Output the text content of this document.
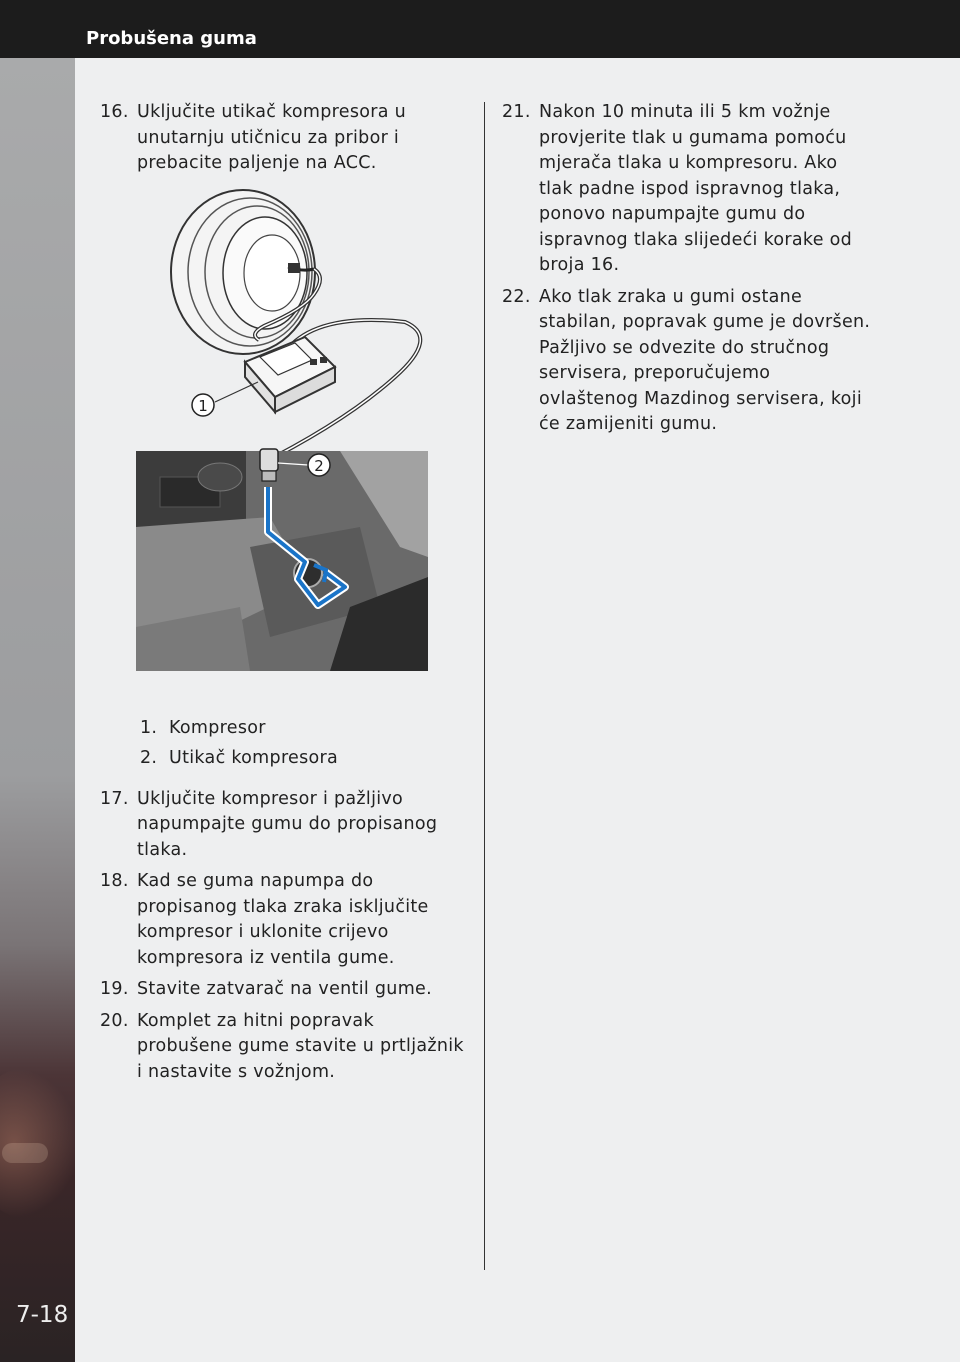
Probušena guma
7-18
16. Uključite utikač kompresora u unutarnju utičnicu za pribor i prebacite paljenje na ACC.
1
2
1. Kompresor
2. Utikač kompresora
17. Uključite kompresor i pažljivo napumpajte gumu do propisanog tlaka.
18. Kad se guma napumpa do propisanog tlaka zraka isključite kompresor i uklonite crijevo kompresora iz ventila gume.
19. Stavite zatvarač na ventil gume.
20. Komplet za hitni popravak probušene gume stavite u prtljažnik i nastavite s vožnjom.
21. Nakon 10 minuta ili 5 km vožnje provjerite tlak u gumama pomoću mjerača tlaka u kompresoru. Ako tlak padne ispod ispravnog tlaka, ponovo napumpajte gumu do ispravnog tlaka slijedeći korake od broja 16.
22. Ako tlak zraka u gumi ostane stabilan, popravak gume je dovršen. Pažljivo se odvezite do stručnog servisera, preporučujemo ovlaštenog Mazdinog servisera, koji će zamijeniti gumu.
